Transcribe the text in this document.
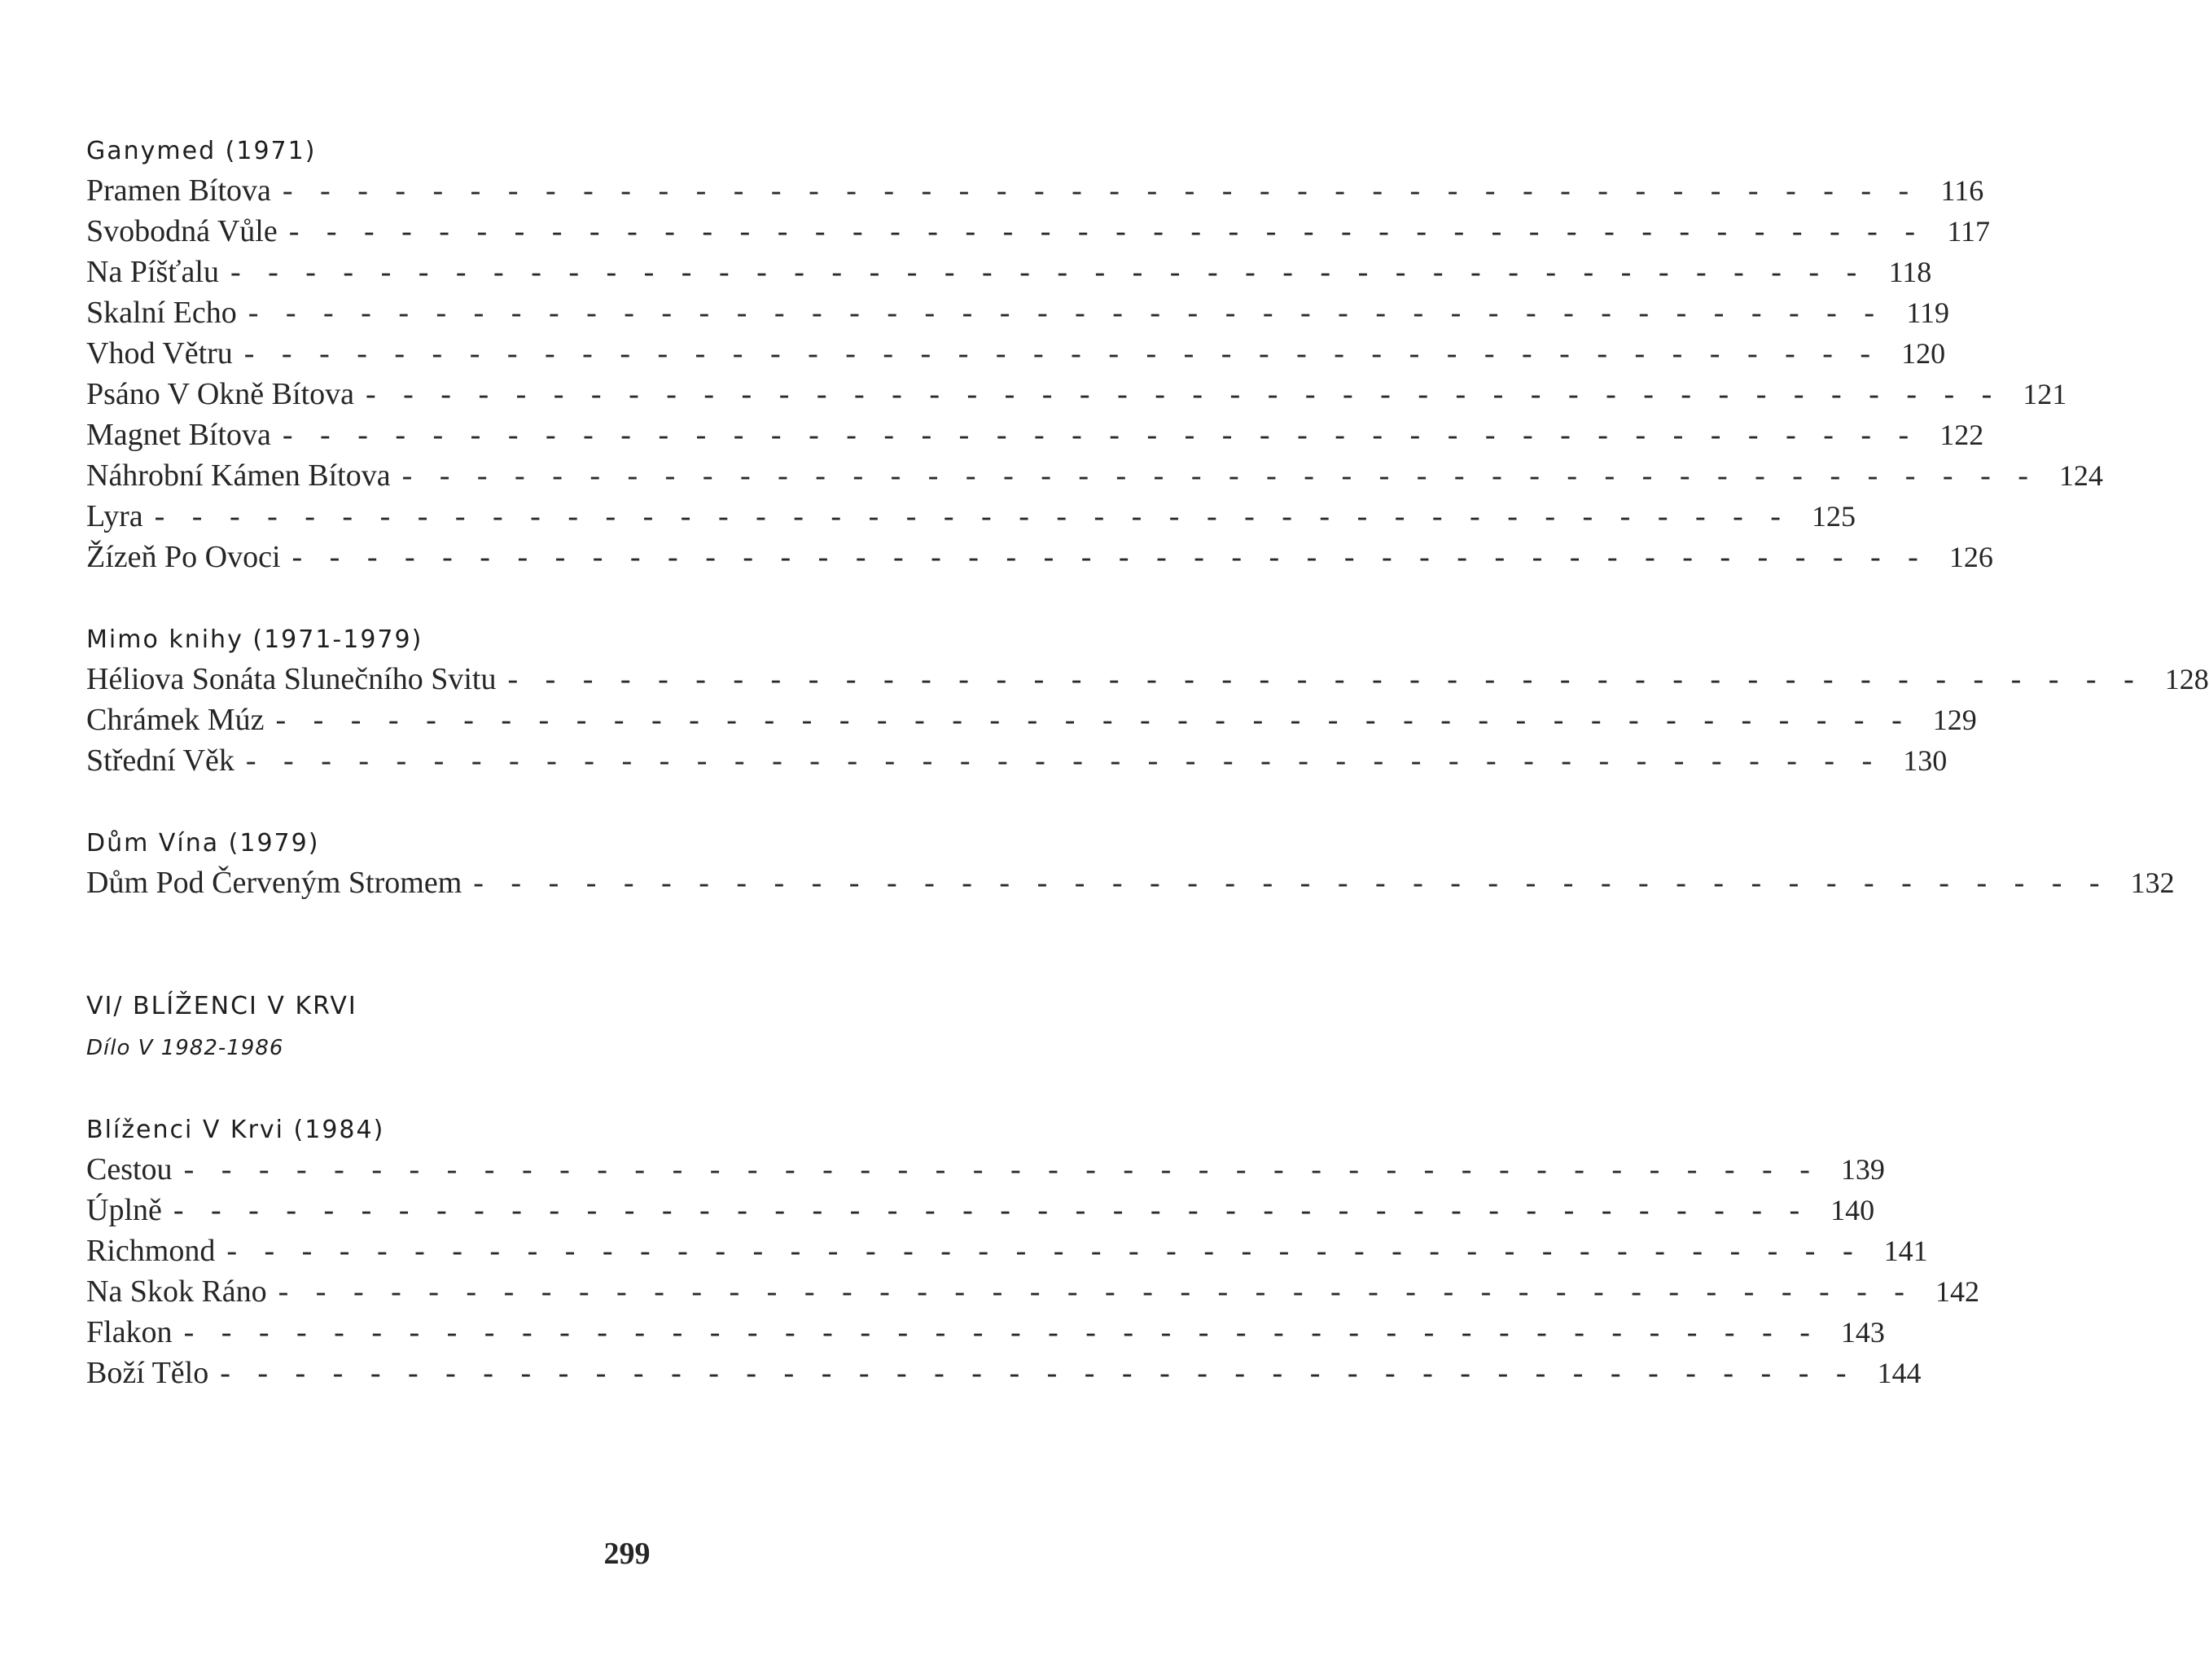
Ganymed (1971)
Pramen Bítova - - - - - - - - - - - - - - - - - - - - - - - - - - - - - - - - - - - - - - - - - - - - 116
Svobodná Vůle - - - - - - - - - - - - - - - - - - - - - - - - - - - - - - - - - - - - - - - - - - - - 117
Na Píšťalu - - - - - - - - - - - - - - - - - - - - - - - - - - - - - - - - - - - - - - - - - - - - 118
Skalní Echo - - - - - - - - - - - - - - - - - - - - - - - - - - - - - - - - - - - - - - - - - - - - 119
Vhod Větru - - - - - - - - - - - - - - - - - - - - - - - - - - - - - - - - - - - - - - - - - - - - 120
Psáno V Okně Bítova - - - - - - - - - - - - - - - - - - - - - - - - - - - - - - - - - - - - - - - - - - - - 121
Magnet Bítova - - - - - - - - - - - - - - - - - - - - - - - - - - - - - - - - - - - - - - - - - - - - 122
Náhrobní Kámen Bítova - - - - - - - - - - - - - - - - - - - - - - - - - - - - - - - - - - - - - - - - - - - - 124
Lyra - - - - - - - - - - - - - - - - - - - - - - - - - - - - - - - - - - - - - - - - - - - - 125
Žízeň Po Ovoci - - - - - - - - - - - - - - - - - - - - - - - - - - - - - - - - - - - - - - - - - - - - 126
Mimo knihy (1971-1979)
Héliova Sonáta Slunečního Svitu - - - - - - - - - - - - - - - - - - - - - - - - - - - - - - - - - - - - - - - - - - - - 128
Chrámek Múz - - - - - - - - - - - - - - - - - - - - - - - - - - - - - - - - - - - - - - - - - - - - 129
Střední Věk - - - - - - - - - - - - - - - - - - - - - - - - - - - - - - - - - - - - - - - - - - - - 130
Dům Vína (1979)
Dům Pod Červeným Stromem - - - - - - - - - - - - - - - - - - - - - - - - - - - - - - - - - - - - - - - - - - - - 132
VI/ BLÍŽENCI V KRVI
Dílo V 1982-1986
Blíženci V Krvi (1984)
Cestou - - - - - - - - - - - - - - - - - - - - - - - - - - - - - - - - - - - - - - - - - - - - 139
Úplně - - - - - - - - - - - - - - - - - - - - - - - - - - - - - - - - - - - - - - - - - - - - 140
Richmond - - - - - - - - - - - - - - - - - - - - - - - - - - - - - - - - - - - - - - - - - - - - 141
Na Skok Ráno - - - - - - - - - - - - - - - - - - - - - - - - - - - - - - - - - - - - - - - - - - - - 142
Flakon - - - - - - - - - - - - - - - - - - - - - - - - - - - - - - - - - - - - - - - - - - - - 143
Boží Tělo - - - - - - - - - - - - - - - - - - - - - - - - - - - - - - - - - - - - - - - - - - - - 144
299
